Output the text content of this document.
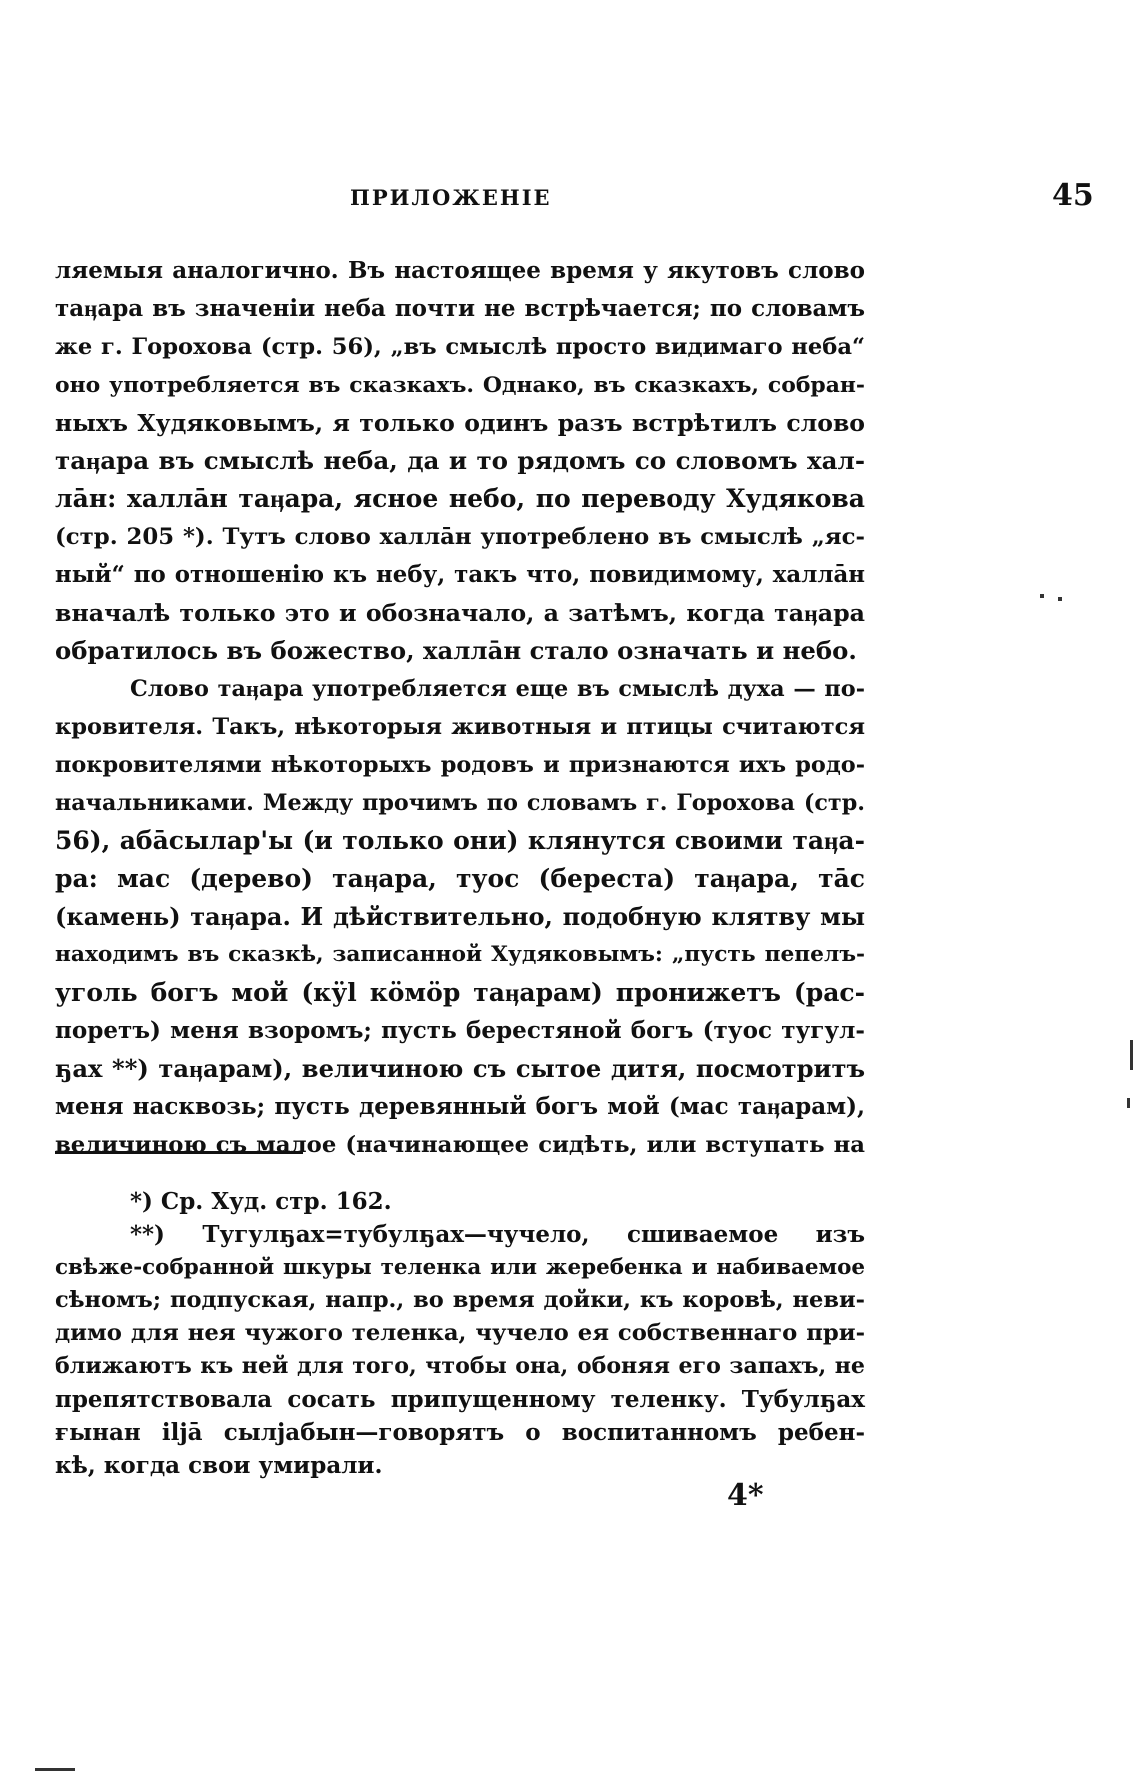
ПРИЛОЖЕНІЕ	45
ляемыя аналогично. Въ настоящее время у якутовъ слово
таӊара въ значеніи неба почти не встрѣчается; по словамъ
же г. Горохова (стр. 56), „въ смыслѣ просто видимаго неба“
оно употребляется въ сказкахъ. Однако, въ сказкахъ, собран-
ныхъ Худяковымъ, я только одинъ разъ встрѣтилъ слово
таӊара въ смыслѣ неба, да и то рядомъ со словомъ хал-
лāн: халлāн таӊара, ясное небо, по переводу Худякова
(стр. 205 *). Тутъ слово халлāн употреблено въ смыслѣ „яс-
ный“ по отношенію къ небу, такъ что, повидимому, халлāн
вначалѣ только это и обозначало, а затѣмъ, когда таӊара
обратилось въ божество, халлāн стало означать и небо.
Слово таӊара употребляется еще въ смыслѣ духа — по-
кровителя. Такъ, нѣкоторыя животныя и птицы считаются
покровителями нѣкоторыхъ родовъ и признаются ихъ родо-
начальниками. Между прочимъ по словамъ г. Горохова (стр.
56), абāсылар'ы (и только они) клянутся своими таӊа-
ра: мас (дерево) таӊара, туос (береста) таӊара, тāс
(камень) таӊара. И дѣйствительно, подобную клятву мы
находимъ въ сказкѣ, записанной Худяковымъ: „пусть пепелъ-
уголь богъ мой (кӱl кӧмӧр таӊарам) пронижетъ (рас-
поретъ) меня взоромъ; пусть берестяной богъ (туос тугул-
ҕах **) таӊарам), величиною съ сытое дитя, посмотритъ
меня насквозь; пусть деревянный богъ мой (мас таӊарам),
величиною съ малое (начинающее сидѣть, или вступать на
*) Ср. Худ. стр. 162.
**) Тугулҕах=тубулҕах—чучело, сшиваемое изъ
свѣже-собранной шкуры теленка или жеребенка и набиваемое
сѣномъ; подпуская, напр., во время дойки, къ коровѣ, неви-
димо для нея чужого теленка, чучело ея собственнаго при-
ближаютъ къ ней для того, чтобы она, обоняя его запахъ, не
препятствовала сосать припущенному теленку. Тубулҕах
ғынан ilјā сылјабын—говорятъ о воспитанномъ ребен-
кѣ, когда свои умирали.
4*
